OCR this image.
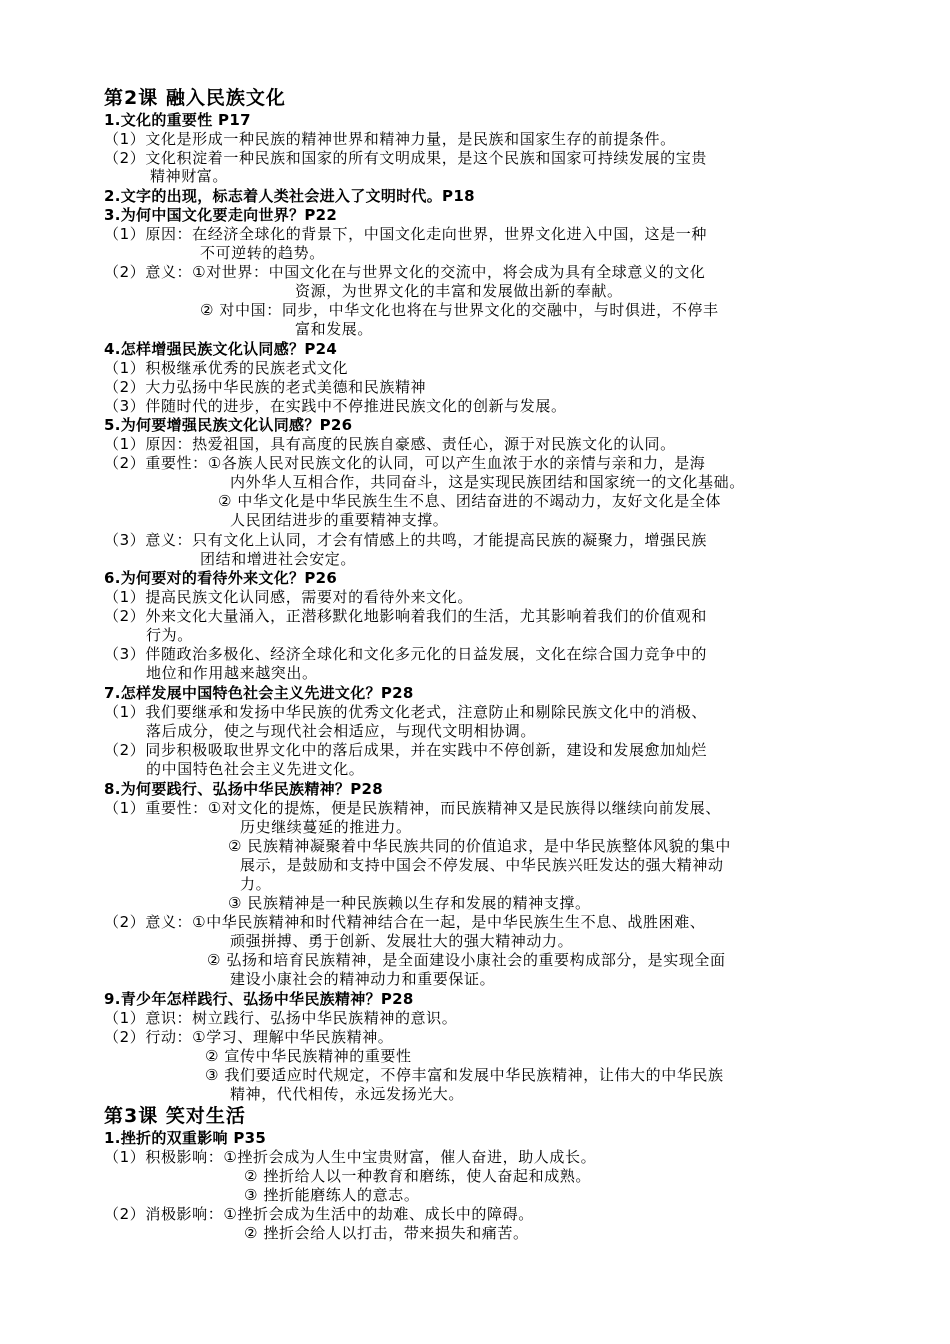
第2课 融入民族文化
1.文化的重要性 P17
（1）文化是形成一种民族的精神世界和精神力量，是民族和国家生存的前提条件。
（2）文化积淀着一种民族和国家的所有文明成果，是这个民族和国家可持续发展的宝贵
精神财富。
2.文字的出现，标志着人类社会进入了文明时代。P18
3.为何中国文化要走向世界？P22
（1）原因：在经济全球化的背景下，中国文化走向世界，世界文化进入中国，这是一种
不可逆转的趋势。
（2）意义：①对世界：中国文化在与世界文化的交流中，将会成为具有全球意义的文化
资源，为世界文化的丰富和发展做出新的奉献。
② 对中国：同步，中华文化也将在与世界文化的交融中，与时俱进，不停丰
富和发展。
4.怎样增强民族文化认同感？P24
（1）积极继承优秀的民族老式文化
（2）大力弘扬中华民族的老式美德和民族精神
（3）伴随时代的进步，在实践中不停推进民族文化的创新与发展。
5.为何要增强民族文化认同感？P26
（1）原因：热爱祖国，具有高度的民族自豪感、责任心，源于对民族文化的认同。
（2）重要性：①各族人民对民族文化的认同，可以产生血浓于水的亲情与亲和力，是海
内外华人互相合作，共同奋斗，这是实现民族团结和国家统一的文化基础。
② 中华文化是中华民族生生不息、团结奋进的不竭动力，友好文化是全体
人民团结进步的重要精神支撑。
（3）意义：只有文化上认同，才会有情感上的共鸣，才能提高民族的凝聚力，增强民族
团结和增进社会安定。
6.为何要对的看待外来文化？P26
（1）提高民族文化认同感，需要对的看待外来文化。
（2）外来文化大量涌入，正潜移默化地影响着我们的生活，尤其影响着我们的价值观和
行为。
（3）伴随政治多极化、经济全球化和文化多元化的日益发展，文化在综合国力竞争中的
地位和作用越来越突出。
7.怎样发展中国特色社会主义先进文化？P28
（1）我们要继承和发扬中华民族的优秀文化老式，注意防止和剔除民族文化中的消极、
落后成分，使之与现代社会相适应，与现代文明相协调。
（2）同步积极吸取世界文化中的落后成果，并在实践中不停创新，建设和发展愈加灿烂
的中国特色社会主义先进文化。
8.为何要践行、弘扬中华民族精神？P28
（1）重要性：①对文化的提炼，便是民族精神，而民族精神又是民族得以继续向前发展、
历史继续蔓延的推进力。
② 民族精神凝聚着中华民族共同的价值追求，是中华民族整体风貌的集中
展示，是鼓励和支持中国会不停发展、中华民族兴旺发达的强大精神动
力。
③ 民族精神是一种民族赖以生存和发展的精神支撑。
（2）意义：①中华民族精神和时代精神结合在一起，是中华民族生生不息、战胜困难、
顽强拼搏、勇于创新、发展壮大的强大精神动力。
② 弘扬和培育民族精神，是全面建设小康社会的重要构成部分，是实现全面
建设小康社会的精神动力和重要保证。
9.青少年怎样践行、弘扬中华民族精神？P28
（1）意识：树立践行、弘扬中华民族精神的意识。
（2）行动：①学习、理解中华民族精神。
② 宣传中华民族精神的重要性
③ 我们要适应时代规定，不停丰富和发展中华民族精神，让伟大的中华民族
精神，代代相传，永远发扬光大。
第3课 笑对生活
1.挫折的双重影响 P35
（1）积极影响：①挫折会成为人生中宝贵财富，催人奋进，助人成长。
② 挫折给人以一种教育和磨练，使人奋起和成熟。
③ 挫折能磨练人的意志。
（2）消极影响：①挫折会成为生活中的劫难、成长中的障碍。
② 挫折会给人以打击，带来损失和痛苦。
